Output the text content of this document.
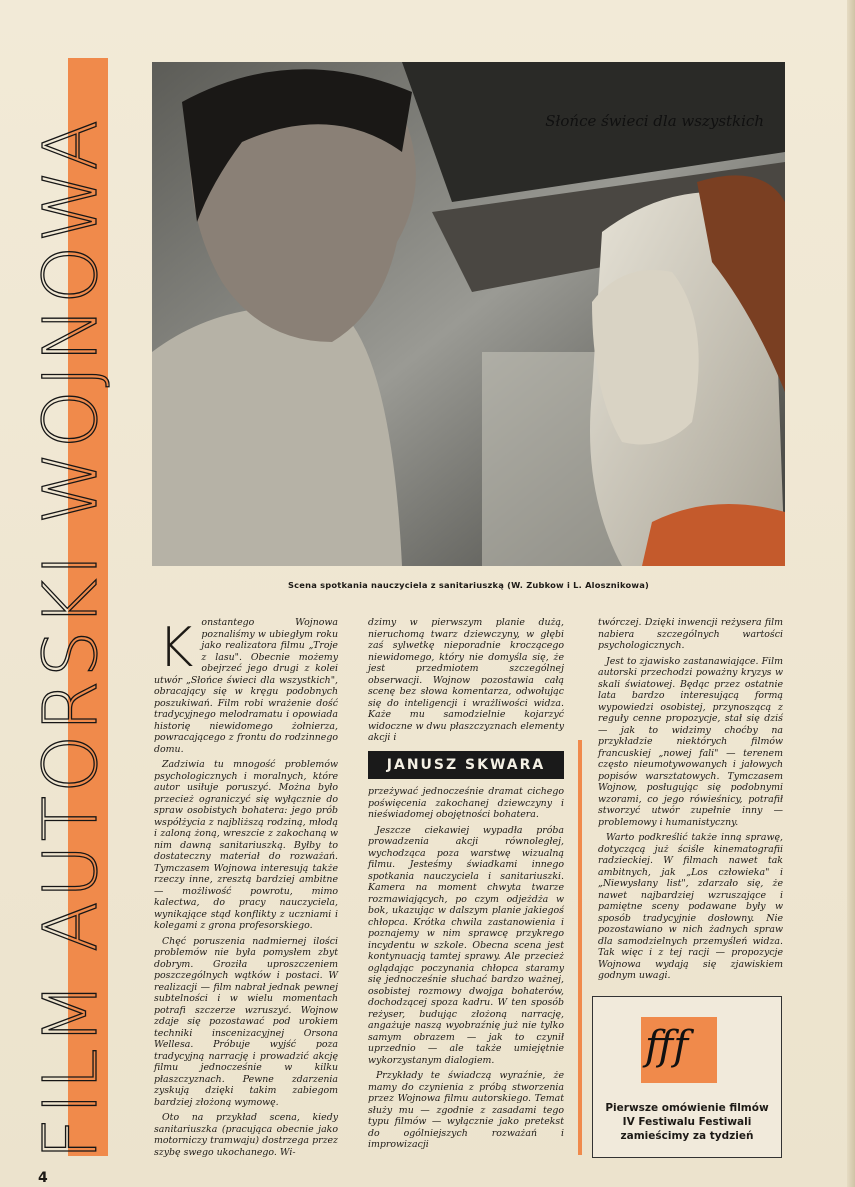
FILM AUTORSKI WOJNOWA	Słońce świeci dla wszystkich
Scena spotkania nauczyciela z sanitariuszką (W. Zubkow i L. Alosznikowa)
K onstantego Wojnowa poznaliśmy w ubiegłym roku jako realizatora filmu „Troje z lasu". Obecnie możemy obejrzeć jego drugi z kolei utwór „Słońce świeci dla wszystkich", obracający się w kręgu podobnych poszukiwań. Film robi wrażenie dość tradycyjnego melodramatu i opowiada historię niewidomego żołnierza, powracającego z frontu do rodzinnego domu.

Zadziwia tu mnogość problemów psychologicznych i moralnych, które autor usiłuje poruszyć. Można było przecież ograniczyć się wyłącznie do spraw osobistych bohatera: jego prób współżycia z najbliższą rodziną, młodą i zaloną żoną, wreszcie z zakochaną w nim dawną sanitariuszką. Byłby to dostateczny materiał do rozważań. Tymczasem Wojnowa interesują także rzeczy inne, zresztą bardziej ambitne — możliwość powrotu, mimo kalectwa, do pracy nauczyciela, wynikające stąd konflikty z uczniami i kolegami z grona profesorskiego.

Chęć poruszenia nadmiernej ilości problemów nie była pomysłem zbyt dobrym. Groziła uproszczeniem poszczególnych wątków i postaci. W realizacji — film nabrał jednak pewnej subtelności i w wielu momentach potrafi szczerze wzruszyć. Wojnow zdaje się pozostawać pod urokiem techniki inscenizacyjnej Orsona Wellesa. Próbuje wyjść poza tradycyjną narrację i prowadzić akcję filmu jednocześnie w kilku płaszczyznach. Pewne zdarzenia zyskują dzięki takim zabiegom bardziej złożoną wymowę.

Oto na przykład scena, kiedy sanitariuszka (pracująca obecnie jako motorniczy tramwaju) dostrzega przez szybę swego ukochanego. Wi-

dzimy w pierwszym planie dużą, nieruchomą twarz dziewczyny, w głębi zaś sylwetkę nieporadnie kroczącego niewidomego, który nie domyśla się, że jest przedmiotem szczególnej obserwacji. Wojnow pozostawia całą scenę bez słowa komentarza, odwołując się do inteligencji i wrażliwości widza. Każe mu samodzielnie kojarzyć widoczne w dwu płaszczyznach elementy akcji i

JANUSZ SKWARA

przeżywać jednocześnie dramat cichego poświęcenia zakochanej dziewczyny i nieświadomej obojętności bohatera.

Jeszcze ciekawiej wypadła próba prowadzenia akcji równoległej, wychodząca poza warstwę wizualną filmu. Jesteśmy świadkami innego spotkania nauczyciela i sanitariuszki. Kamera na moment chwyta twarze rozmawiających, po czym odjeżdża w bok, ukazując w dalszym planie jakiegoś chłopca. Krótka chwila zastanowienia i poznajemy w nim sprawcę przykrego incydentu w szkole. Obecna scena jest kontynuacją tamtej sprawy. Ale przecież oglądając poczynania chłopca staramy się jednocześnie słuchać bardzo ważnej, osobistej rozmowy dwojga bohaterów, dochodzącej spoza kadru. W ten sposób reżyser, budując złożoną narrację, angażuje naszą wyobraźnię już nie tylko samym obrazem — jak to czynił uprzednio — ale także umiejętnie wykorzystanym dialogiem.

Przykłady te świadczą wyraźnie, że mamy do czynienia z próbą stworzenia przez Wojnowa filmu autorskiego. Temat służy mu — zgodnie z zasadami tego typu filmów — wyłącznie jako pretekst do ogólniejszych rozważań i improwizacji

twórczej. Dzięki inwencji reżysera film nabiera szczególnych wartości psychologicznych.

Jest to zjawisko zastanawiające. Film autorski przechodzi poważny kryzys w skali światowej. Będąc przez ostatnie lata bardzo interesującą formą wypowiedzi osobistej, przynoszącą z reguły cenne propozycje, stał się dziś — jak to widzimy choćby na przykładzie niektórych filmów francuskiej „nowej fali" — terenem często nieumotywowanych i jałowych popisów warsztatowych. Tymczasem Wojnow, posługując się podobnymi wzorami, co jego rówieśnicy, potrafił stworzyć utwór zupełnie inny — problemowy i humanistyczny.

Warto podkreślić także inną sprawę, dotyczącą już ściśle kinematografii radzieckiej. W filmach nawet tak ambitnych, jak „Los człowieka" i „Niewysłany list", zdarzało się, że nawet najbardziej wzruszające i pamiętne sceny podawane były w sposób tradycyjnie dosłowny. Nie pozostawiano w nich żadnych spraw dla samodzielnych przemyśleń widza. Tak więc i z tej racji — propozycje Wojnowa wydają się zjawiskiem godnym uwagi.

fff
Pierwsze omówienie filmów IV Festiwalu Festiwali zamieścimy za tydzień
4
